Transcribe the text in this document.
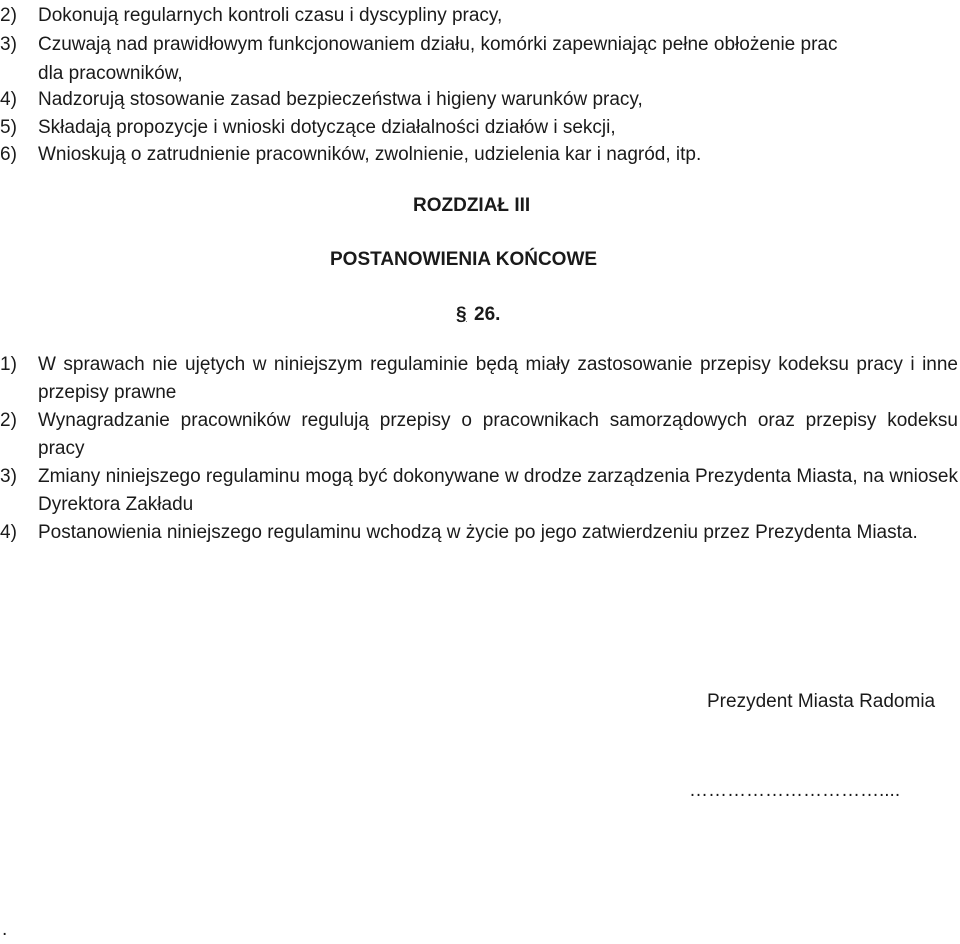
2)	Dokonują regularnych kontroli czasu i dyscypliny pracy,
3)	Czuwają nad prawidłowym funkcjonowaniem działu, komórki zapewniając pełne obłożenie prac
dla pracowników,
4)	Nadzorują stosowanie zasad bezpieczeństwa i higieny warunków pracy,
5)	Składają propozycje i wnioski dotyczące działalności działów i sekcji,
6)	Wnioskują o zatrudnienie pracowników, zwolnienie, udzielenia kar i nagród, itp.
ROZDZIAŁ III
POSTANOWIENIA KOŃCOWE
§ 26.
1)	W sprawach nie ujętych w niniejszym regulaminie będą miały zastosowanie przepisy kodeksu pracy i inne przepisy prawne
2)	Wynagradzanie pracowników regulują przepisy o pracownikach samorządowych oraz przepisy kodeksu pracy
3)	Zmiany niniejszego regulaminu mogą być dokonywane w drodze zarządzenia Prezydenta Miasta, na wniosek Dyrektora Zakładu
4)	Postanowienia niniejszego regulaminu wchodzą w życie po jego zatwierdzeniu przez Prezydenta Miasta.
Prezydent Miasta Radomia
…………………………....
.
